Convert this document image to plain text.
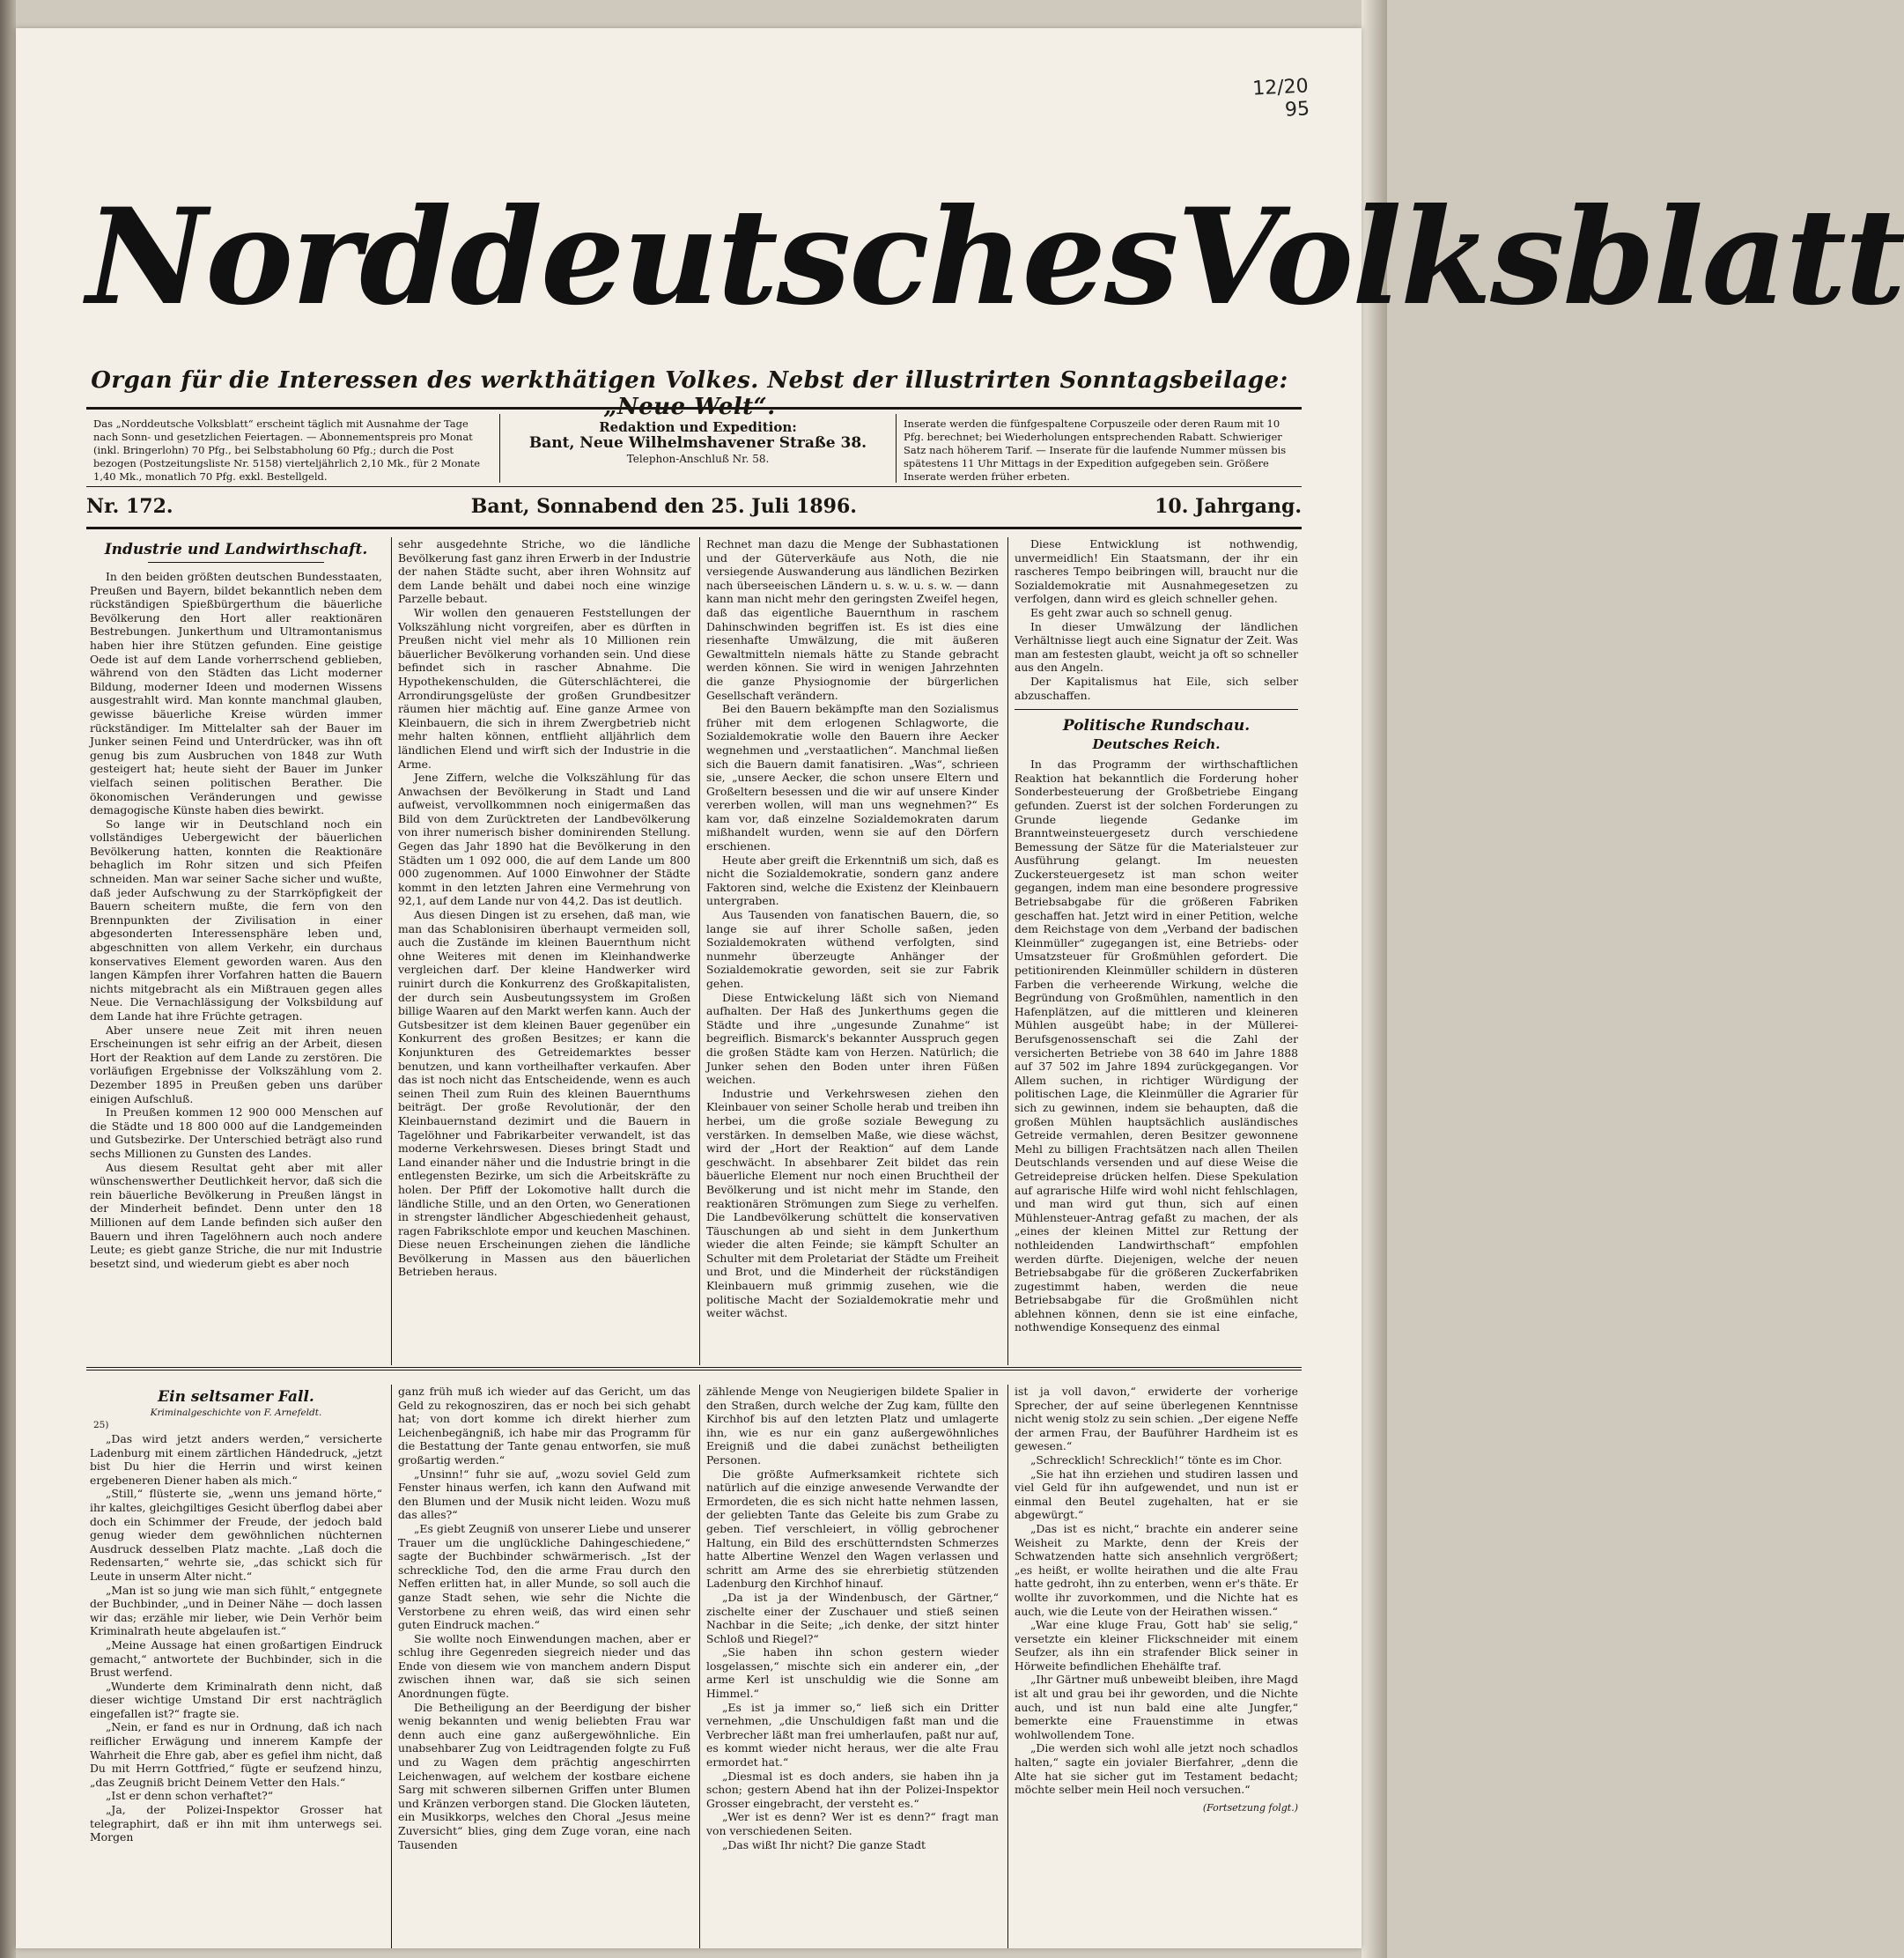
12/20
95
Norddeutsches Volksblatt
Organ für die Interessen des werkthätigen Volkes. Nebst der illustrirten Sonntagsbeilage: „Neue Welt“.
Das „Norddeutsche Volksblatt“ erscheint täglich mit Ausnahme der Tage nach Sonn- und gesetzlichen Feiertagen. — Abonnementspreis pro Monat (inkl. Bringerlohn) 70 Pfg., bei Selbstabholung 60 Pfg.; durch die Post bezogen (Postzeitungsliste Nr. 5158) vierteljährlich 2,10 Mk., für 2 Monate 1,40 Mk., monatlich 70 Pfg. exkl. Bestellgeld.
Redaktion und Expedition:
Bant, Neue Wilhelmshavener Straße 38.
Telephon-Anschluß Nr. 58.
Inserate werden die fünfgespaltene Corpuszeile oder deren Raum mit 10 Pfg. berechnet; bei Wiederholungen entsprechenden Rabatt. Schwieriger Satz nach höherem Tarif. — Inserate für die laufende Nummer müssen bis spätestens 11 Uhr Mittags in der Expedition aufgegeben sein. Größere Inserate werden früher erbeten.
Nr. 172.	Bant, Sonnabend den 25. Juli 1896.	10. Jahrgang.
Industrie und Landwirthschaft.

In den beiden größten deutschen Bundesstaaten, Preußen und Bayern, bildet bekanntlich neben dem rückständigen Spießbürgerthum die bäuerliche Bevölkerung den Hort aller reaktionären Bestrebungen. Junkerthum und Ultramontanismus haben hier ihre Stützen gefunden. Eine geistige Oede ist auf dem Lande vorherrschend geblieben, während von den Städten das Licht moderner Bildung, moderner Ideen und modernen Wissens ausgestrahlt wird. Man konnte manchmal glauben, gewisse bäuerliche Kreise würden immer rückständiger. Im Mittelalter sah der Bauer im Junker seinen Feind und Unterdrücker, was ihn oft genug bis zum Ausbruchen von 1848 zur Wuth gesteigert hat; heute sieht der Bauer im Junker vielfach seinen politischen Berather. Die ökonomischen Veränderungen und gewisse demagogische Künste haben dies bewirkt.

So lange wir in Deutschland noch ein vollständiges Uebergewicht der bäuerlichen Bevölkerung hatten, konnten die Reaktionäre behaglich im Rohr sitzen und sich Pfeifen schneiden. Man war seiner Sache sicher und wußte, daß jeder Aufschwung zu der Starrköpfigkeit der Bauern scheitern mußte, die fern von den Brennpunkten der Zivilisation in einer abgesonderten Interessensphäre leben und, abgeschnitten von allem Verkehr, ein durchaus konservatives Element geworden waren. Aus den langen Kämpfen ihrer Vorfahren hatten die Bauern nichts mitgebracht als ein Mißtrauen gegen alles Neue. Die Vernachlässigung der Volksbildung auf dem Lande hat ihre Früchte getragen.

Aber unsere neue Zeit mit ihren neuen Erscheinungen ist sehr eifrig an der Arbeit, diesen Hort der Reaktion auf dem Lande zu zerstören. Die vorläufigen Ergebnisse der Volkszählung vom 2. Dezember 1895 in Preußen geben uns darüber einigen Aufschluß.

In Preußen kommen 12 900 000 Menschen auf die Städte und 18 800 000 auf die Landgemeinden und Gutsbezirke. Der Unterschied beträgt also rund sechs Millionen zu Gunsten des Landes.

Aus diesem Resultat geht aber mit aller wünschenswerther Deutlichkeit hervor, daß sich die rein bäuerliche Bevölkerung in Preußen längst in der Minderheit befindet. Denn unter den 18 Millionen auf dem Lande befinden sich außer den Bauern und ihren Tagelöhnern auch noch andere Leute; es giebt ganze Striche, die nur mit Industrie besetzt sind, und wiederum giebt es aber noch

sehr ausgedehnte Striche, wo die ländliche Bevölkerung fast ganz ihren Erwerb in der Industrie der nahen Städte sucht, aber ihren Wohnsitz auf dem Lande behält und dabei noch eine winzige Parzelle bebaut.

Wir wollen den genaueren Feststellungen der Volkszählung nicht vorgreifen, aber es dürften in Preußen nicht viel mehr als 10 Millionen rein bäuerlicher Bevölkerung vorhanden sein. Und diese befindet sich in rascher Abnahme. Die Hypothekenschulden, die Güterschlächterei, die Arrondirungsgelüste der großen Grundbesitzer räumen hier mächtig auf. Eine ganze Armee von Kleinbauern, die sich in ihrem Zwergbetrieb nicht mehr halten können, entflieht alljährlich dem ländlichen Elend und wirft sich der Industrie in die Arme.

Jene Ziffern, welche die Volkszählung für das Anwachsen der Bevölkerung in Stadt und Land aufweist, vervollkommnen noch einigermaßen das Bild von dem Zurücktreten der Landbevölkerung von ihrer numerisch bisher dominirenden Stellung. Gegen das Jahr 1890 hat die Bevölkerung in den Städten um 1 092 000, die auf dem Lande um 800 000 zugenommen. Auf 1000 Einwohner der Städte kommt in den letzten Jahren eine Vermehrung von 92,1, auf dem Lande nur von 44,2. Das ist deutlich.

Aus diesen Dingen ist zu ersehen, daß man, wie man das Schablonisiren überhaupt vermeiden soll, auch die Zustände im kleinen Bauernthum nicht ohne Weiteres mit denen im Kleinhandwerke vergleichen darf. Der kleine Handwerker wird ruinirt durch die Konkurrenz des Großkapitalisten, der durch sein Ausbeutungssystem im Großen billige Waaren auf den Markt werfen kann. Auch der Gutsbesitzer ist dem kleinen Bauer gegenüber ein Konkurrent des großen Besitzes; er kann die Konjunkturen des Getreidemarktes besser benutzen, und kann vortheilhafter verkaufen. Aber das ist noch nicht das Entscheidende, wenn es auch seinen Theil zum Ruin des kleinen Bauernthums beiträgt. Der große Revolutionär, der den Kleinbauernstand dezimirt und die Bauern in Tagelöhner und Fabrikarbeiter verwandelt, ist das moderne Verkehrswesen. Dieses bringt Stadt und Land einander näher und die Industrie bringt in die entlegensten Bezirke, um sich die Arbeitskräfte zu holen. Der Pfiff der Lokomotive hallt durch die ländliche Stille, und an den Orten, wo Generationen in strengster ländlicher Abgeschiedenheit gehaust, ragen Fabrikschlote empor und keuchen Maschinen. Diese neuen Erscheinungen ziehen die ländliche Bevölkerung in Massen aus den bäuerlichen Betrieben heraus.

Rechnet man dazu die Menge der Subhastationen und der Güterverkäufe aus Noth, die nie versiegende Auswanderung aus ländlichen Bezirken nach überseeischen Ländern u. s. w. u. s. w. — dann kann man nicht mehr den geringsten Zweifel hegen, daß das eigentliche Bauernthum in raschem Dahinschwinden begriffen ist. Es ist dies eine riesenhafte Umwälzung, die mit äußeren Gewaltmitteln niemals hätte zu Stande gebracht werden können. Sie wird in wenigen Jahrzehnten die ganze Physiognomie der bürgerlichen Gesellschaft verändern.

Bei den Bauern bekämpfte man den Sozialismus früher mit dem erlogenen Schlagworte, die Sozialdemokratie wolle den Bauern ihre Aecker wegnehmen und „verstaatlichen“. Manchmal ließen sich die Bauern damit fanatisiren. „Was“, schrieen sie, „unsere Aecker, die schon unsere Eltern und Großeltern besessen und die wir auf unsere Kinder vererben wollen, will man uns wegnehmen?“ Es kam vor, daß einzelne Sozialdemokraten darum mißhandelt wurden, wenn sie auf den Dörfern erschienen.

Heute aber greift die Erkenntniß um sich, daß es nicht die Sozialdemokratie, sondern ganz andere Faktoren sind, welche die Existenz der Kleinbauern untergraben.

Aus Tausenden von fanatischen Bauern, die, so lange sie auf ihrer Scholle saßen, jeden Sozialdemokraten wüthend verfolgten, sind nunmehr überzeugte Anhänger der Sozialdemokratie geworden, seit sie zur Fabrik gehen.

Diese Entwickelung läßt sich von Niemand aufhalten. Der Haß des Junkerthums gegen die Städte und ihre „ungesunde Zunahme“ ist begreiflich. Bismarck's bekannter Ausspruch gegen die großen Städte kam von Herzen. Natürlich; die Junker sehen den Boden unter ihren Füßen weichen.

Industrie und Verkehrswesen ziehen den Kleinbauer von seiner Scholle herab und treiben ihn herbei, um die große soziale Bewegung zu verstärken. In demselben Maße, wie diese wächst, wird der „Hort der Reaktion“ auf dem Lande geschwächt. In absehbarer Zeit bildet das rein bäuerliche Element nur noch einen Bruchtheil der Bevölkerung und ist nicht mehr im Stande, den reaktionären Strömungen zum Siege zu verhelfen. Die Landbevölkerung schüttelt die konservativen Täuschungen ab und sieht in dem Junkerthum wieder die alten Feinde; sie kämpft Schulter an Schulter mit dem Proletariat der Städte um Freiheit und Brot, und die Minderheit der rückständigen Kleinbauern muß grimmig zusehen, wie die politische Macht der Sozialdemokratie mehr und weiter wächst.

Diese Entwicklung ist nothwendig, unvermeidlich! Ein Staatsmann, der ihr ein rascheres Tempo beibringen will, braucht nur die Sozialdemokratie mit Ausnahmegesetzen zu verfolgen, dann wird es gleich schneller gehen.

Es geht zwar auch so schnell genug.

In dieser Umwälzung der ländlichen Verhältnisse liegt auch eine Signatur der Zeit. Was man am festesten glaubt, weicht ja oft so schneller aus den Angeln.

Der Kapitalismus hat Eile, sich selber abzuschaffen.

Politische Rundschau.
Deutsches Reich.

In das Programm der wirthschaftlichen Reaktion hat bekanntlich die Forderung hoher Sonderbesteuerung der Großbetriebe Eingang gefunden. Zuerst ist der solchen Forderungen zu Grunde liegende Gedanke im Branntweinsteuergesetz durch verschiedene Bemessung der Sätze für die Materialsteuer zur Ausführung gelangt. Im neuesten Zuckersteuergesetz ist man schon weiter gegangen, indem man eine besondere progressive Betriebsabgabe für die größeren Fabriken geschaffen hat. Jetzt wird in einer Petition, welche dem Reichstage von dem „Verband der badischen Kleinmüller“ zugegangen ist, eine Betriebs- oder Umsatzsteuer für Großmühlen gefordert. Die petitionirenden Kleinmüller schildern in düsteren Farben die verheerende Wirkung, welche die Begründung von Großmühlen, namentlich in den Hafenplätzen, auf die mittleren und kleineren Mühlen ausgeübt habe; in der Müllerei-Berufsgenossenschaft sei die Zahl der versicherten Betriebe von 38 640 im Jahre 1888 auf 37 502 im Jahre 1894 zurückgegangen. Vor Allem suchen, in richtiger Würdigung der politischen Lage, die Kleinmüller die Agrarier für sich zu gewinnen, indem sie behaupten, daß die großen Mühlen hauptsächlich ausländisches Getreide vermahlen, deren Besitzer gewonnene Mehl zu billigen Frachtsätzen nach allen Theilen Deutschlands versenden und auf diese Weise die Getreidepreise drücken helfen. Diese Spekulation auf agrarische Hilfe wird wohl nicht fehlschlagen, und man wird gut thun, sich auf einen Mühlensteuer-Antrag gefaßt zu machen, der als „eines der kleinen Mittel zur Rettung der nothleidenden Landwirthschaft“ empfohlen werden dürfte. Diejenigen, welche der neuen Betriebsabgabe für die größeren Zuckerfabriken zugestimmt haben, werden die neue Betriebsabgabe für die Großmühlen nicht ablehnen können, denn sie ist eine einfache, nothwendige Konsequenz des einmal

Ein seltsamer Fall.
Kriminalgeschichte von F. Arnefeldt.
25)

„Das wird jetzt anders werden,“ versicherte Ladenburg mit einem zärtlichen Händedruck, „jetzt bist Du hier die Herrin und wirst keinen ergebeneren Diener haben als mich.“

„Still,“ flüsterte sie, „wenn uns jemand hörte,“ ihr kaltes, gleichgiltiges Gesicht überflog dabei aber doch ein Schimmer der Freude, der jedoch bald genug wieder dem gewöhnlichen nüchternen Ausdruck desselben Platz machte. „Laß doch die Redensarten,“ wehrte sie, „das schickt sich für Leute in unserm Alter nicht.“

„Man ist so jung wie man sich fühlt,“ entgegnete der Buchbinder, „und in Deiner Nähe — doch lassen wir das; erzähle mir lieber, wie Dein Verhör beim Kriminalrath heute abgelaufen ist.“

„Meine Aussage hat einen großartigen Eindruck gemacht,“ antwortete der Buchbinder, sich in die Brust werfend.

„Wunderte dem Kriminalrath denn nicht, daß dieser wichtige Umstand Dir erst nachträglich eingefallen ist?“ fragte sie.

„Nein, er fand es nur in Ordnung, daß ich nach reiflicher Erwägung und innerem Kampfe der Wahrheit die Ehre gab, aber es gefiel ihm nicht, daß Du mit Herrn Gottfried,“ fügte er seufzend hinzu, „das Zeugniß bricht Deinem Vetter den Hals.“

„Ist er denn schon verhaftet?“

„Ja, der Polizei-Inspektor Grosser hat telegraphirt, daß er ihn mit ihm unterwegs sei. Morgen

ganz früh muß ich wieder auf das Gericht, um das Geld zu rekognosziren, das er noch bei sich gehabt hat; von dort komme ich direkt hierher zum Leichenbegängniß, ich habe mir das Programm für die Bestattung der Tante genau entworfen, sie muß großartig werden.“

„Unsinn!“ fuhr sie auf, „wozu soviel Geld zum Fenster hinaus werfen, ich kann den Aufwand mit den Blumen und der Musik nicht leiden. Wozu muß das alles?“

„Es giebt Zeugniß von unserer Liebe und unserer Trauer um die unglückliche Dahingeschiedene,“ sagte der Buchbinder schwärmerisch. „Ist der schreckliche Tod, den die arme Frau durch den Neffen erlitten hat, in aller Munde, so soll auch die ganze Stadt sehen, wie sehr die Nichte die Verstorbene zu ehren weiß, das wird einen sehr guten Eindruck machen.“

Sie wollte noch Einwendungen machen, aber er schlug ihre Gegenreden siegreich nieder und das Ende von diesem wie von manchem andern Disput zwischen ihnen war, daß sie sich seinen Anordnungen fügte.

Die Betheiligung an der Beerdigung der bisher wenig bekannten und wenig beliebten Frau war denn auch eine ganz außergewöhnliche. Ein unabsehbarer Zug von Leidtragenden folgte zu Fuß und zu Wagen dem prächtig angeschirrten Leichenwagen, auf welchem der kostbare eichene Sarg mit schweren silbernen Griffen unter Blumen und Kränzen verborgen stand. Die Glocken läuteten, ein Musikkorps, welches den Choral „Jesus meine Zuversicht“ blies, ging dem Zuge voran, eine nach Tausenden

zählende Menge von Neugierigen bildete Spalier in den Straßen, durch welche der Zug kam, füllte den Kirchhof bis auf den letzten Platz und umlagerte ihn, wie es nur ein ganz außergewöhnliches Ereigniß und die dabei zunächst betheiligten Personen.

Die größte Aufmerksamkeit richtete sich natürlich auf die einzige anwesende Verwandte der Ermordeten, die es sich nicht hatte nehmen lassen, der geliebten Tante das Geleite bis zum Grabe zu geben. Tief verschleiert, in völlig gebrochener Haltung, ein Bild des erschütterndsten Schmerzes hatte Albertine Wenzel den Wagen verlassen und schritt am Arme des sie ehrerbietig stützenden Ladenburg den Kirchhof hinauf.

„Da ist ja der Windenbusch, der Gärtner,“ zischelte einer der Zuschauer und stieß seinen Nachbar in die Seite; „ich denke, der sitzt hinter Schloß und Riegel?“

„Sie haben ihn schon gestern wieder losgelassen,“ mischte sich ein anderer ein, „der arme Kerl ist unschuldig wie die Sonne am Himmel.“

„Es ist ja immer so,“ ließ sich ein Dritter vernehmen, „die Unschuldigen faßt man und die Verbrecher läßt man frei umherlaufen, paßt nur auf, es kommt wieder nicht heraus, wer die alte Frau ermordet hat.“

„Diesmal ist es doch anders, sie haben ihn ja schon; gestern Abend hat ihn der Polizei-Inspektor Grosser eingebracht, der versteht es.“

„Wer ist es denn? Wer ist es denn?“ fragt man von verschiedenen Seiten.

„Das wißt Ihr nicht? Die ganze Stadt

ist ja voll davon,“ erwiderte der vorherige Sprecher, der auf seine überlegenen Kenntnisse nicht wenig stolz zu sein schien. „Der eigene Neffe der armen Frau, der Bauführer Hardheim ist es gewesen.“

„Schrecklich! Schrecklich!“ tönte es im Chor.

„Sie hat ihn erziehen und studiren lassen und viel Geld für ihn aufgewendet, und nun ist er einmal den Beutel zugehalten, hat er sie abgewürgt.“

„Das ist es nicht,“ brachte ein anderer seine Weisheit zu Markte, denn der Kreis der Schwatzenden hatte sich ansehnlich vergrößert; „es heißt, er wollte heirathen und die alte Frau hatte gedroht, ihn zu enterben, wenn er's thäte. Er wollte ihr zuvorkommen, und die Nichte hat es auch, wie die Leute von der Heirathen wissen.“

„War eine kluge Frau, Gott hab' sie selig,“ versetzte ein kleiner Flickschneider mit einem Seufzer, als ihn ein strafender Blick seiner in Hörweite befindlichen Ehehälfte traf.

„Ihr Gärtner muß unbeweibt bleiben, ihre Magd ist alt und grau bei ihr geworden, und die Nichte auch, und ist nun bald eine alte Jungfer,“ bemerkte eine Frauenstimme in etwas wohlwollendem Tone.

„Die werden sich wohl alle jetzt noch schadlos halten,“ sagte ein jovialer Bierfahrer, „denn die Alte hat sie sicher gut im Testament bedacht; möchte selber mein Heil noch versuchen.“

(Fortsetzung folgt.)
